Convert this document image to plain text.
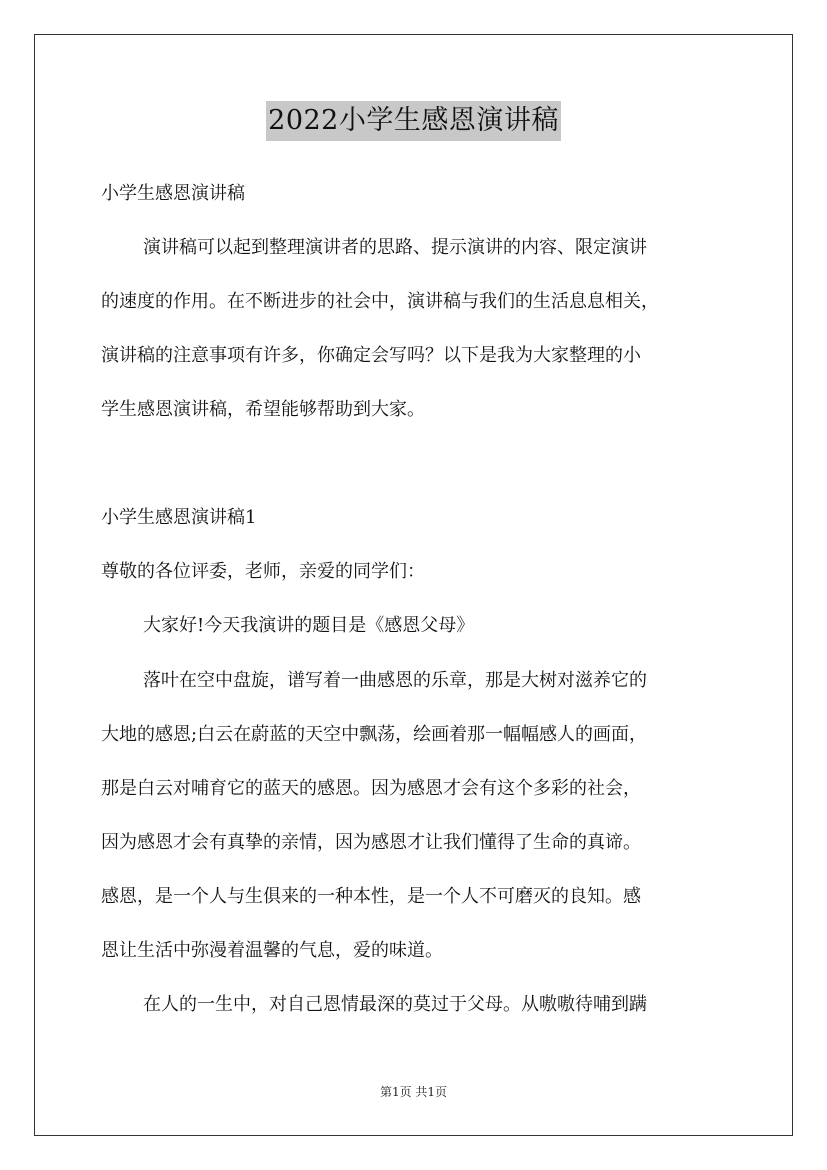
2022小学生感恩演讲稿
小学生感恩演讲稿
演讲稿可以起到整理演讲者的思路、提示演讲的内容、限定演讲
的速度的作用。在不断进步的社会中，演讲稿与我们的生活息息相关，
演讲稿的注意事项有许多，你确定会写吗？以下是我为大家整理的小
学生感恩演讲稿，希望能够帮助到大家。
小学生感恩演讲稿1
尊敬的各位评委，老师，亲爱的同学们：
大家好!今天我演讲的题目是《感恩父母》
落叶在空中盘旋，谱写着一曲感恩的乐章，那是大树对滋养它的
大地的感恩;白云在蔚蓝的天空中飘荡，绘画着那一幅幅感人的画面，
那是白云对哺育它的蓝天的感恩。因为感恩才会有这个多彩的社会，
因为感恩才会有真挚的亲情，因为感恩才让我们懂得了生命的真谛。
感恩，是一个人与生俱来的一种本性，是一个人不可磨灭的良知。感
恩让生活中弥漫着温馨的气息，爱的味道。
在人的一生中，对自己恩情最深的莫过于父母。从嗷嗷待哺到蹒
第1页 共1页
